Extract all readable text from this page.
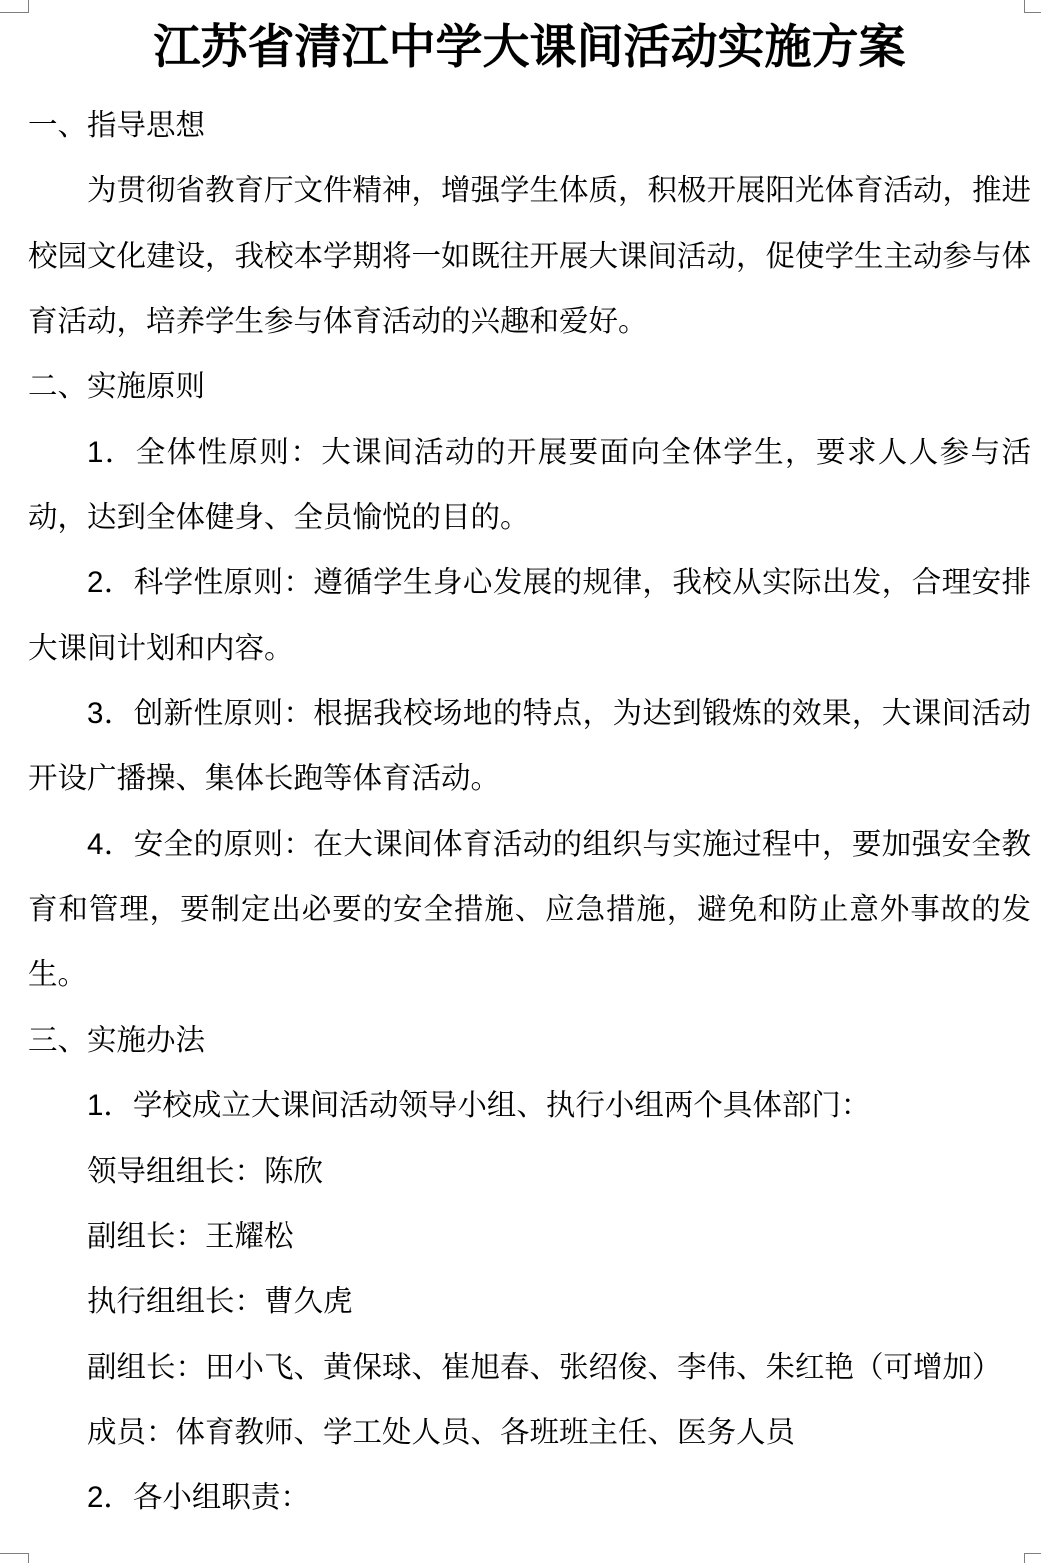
江苏省清江中学大课间活动实施方案

一、指导思想

为贯彻省教育厅文件精神，增强学生体质，积极开展阳光体育活动，推进校园文化建设，我校本学期将一如既往开展大课间活动，促使学生主动参与体育活动，培养学生参与体育活动的兴趣和爱好。

二、实施原则

1．全体性原则：大课间活动的开展要面向全体学生，要求人人参与活动，达到全体健身、全员愉悦的目的。

2．科学性原则：遵循学生身心发展的规律，我校从实际出发，合理安排大课间计划和内容。

3．创新性原则：根据我校场地的特点，为达到锻炼的效果，大课间活动开设广播操、集体长跑等体育活动。

4．安全的原则：在大课间体育活动的组织与实施过程中，要加强安全教育和管理，要制定出必要的安全措施、应急措施，避免和防止意外事故的发生。

三、实施办法

1．学校成立大课间活动领导小组、执行小组两个具体部门：

领导组组长：陈欣

副组长：王耀松

执行组组长：曹久虎

副组长：田小飞、黄保球、崔旭春、张绍俊、李伟、朱红艳（可增加）

成员：体育教师、学工处人员、各班班主任、医务人员

2．各小组职责：
